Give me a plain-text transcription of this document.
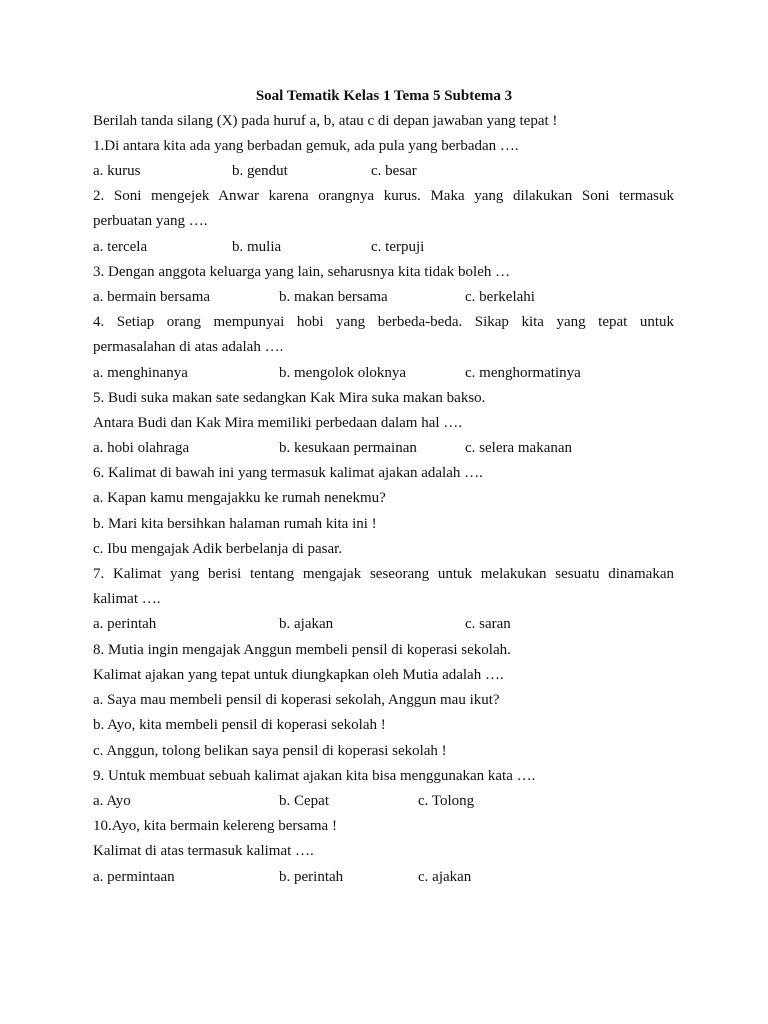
Soal Tematik Kelas 1 Tema 5 Subtema 3
Berilah tanda silang (X) pada huruf a, b, atau c di depan jawaban yang tepat !
1.Di antara kita ada yang berbadan gemuk, ada pula yang berbadan ….
a. kurus	b. gendut	c. besar
2. Soni mengejek Anwar karena orangnya kurus. Maka yang dilakukan Soni termasuk
perbuatan yang ….
a. tercela	b. mulia	c. terpuji
3. Dengan anggota keluarga yang lain, seharusnya kita tidak boleh …
a. bermain bersama	b. makan bersama	c. berkelahi
4. Setiap orang mempunyai hobi yang berbeda-beda. Sikap kita yang tepat untuk
permasalahan di atas adalah ….
a. menghinanya	b. mengolok oloknya	c. menghormatinya
5. Budi suka makan sate sedangkan Kak Mira suka makan bakso.
Antara Budi dan Kak Mira memiliki perbedaan dalam hal ….
a. hobi olahraga	b. kesukaan permainan	c. selera makanan
6. Kalimat di bawah ini yang termasuk kalimat ajakan adalah ….
a. Kapan kamu mengajakku ke rumah nenekmu?
b. Mari kita bersihkan halaman rumah kita ini !
c. Ibu mengajak Adik berbelanja di pasar.
7. Kalimat yang berisi tentang mengajak seseorang untuk melakukan sesuatu dinamakan
kalimat ….
a. perintah	b. ajakan	c. saran
8. Mutia ingin mengajak Anggun membeli pensil di koperasi sekolah.
Kalimat ajakan yang tepat untuk diungkapkan oleh Mutia adalah ….
a. Saya mau membeli pensil di koperasi sekolah, Anggun mau ikut?
b. Ayo, kita membeli pensil di koperasi sekolah !
c. Anggun, tolong belikan saya pensil di koperasi sekolah !
9. Untuk membuat sebuah kalimat ajakan kita bisa menggunakan kata ….
a. Ayo	b. Cepat	c. Tolong
10.Ayo, kita bermain kelereng bersama !
Kalimat di atas termasuk kalimat ….
a. permintaan	b. perintah	c. ajakan
